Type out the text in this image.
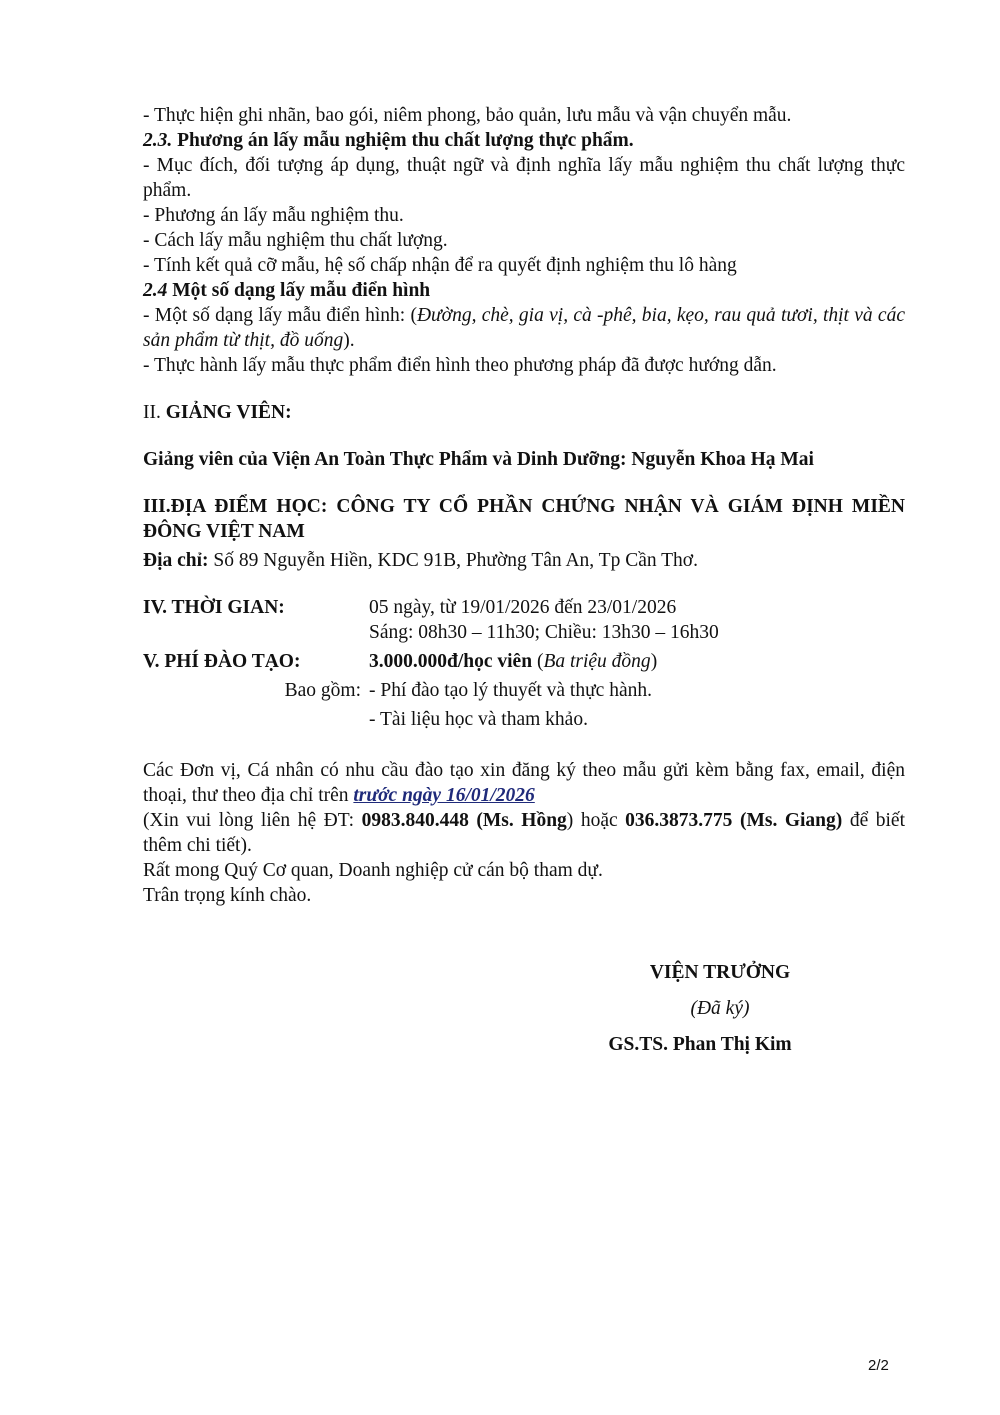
- Thực hiện ghi nhãn, bao gói, niêm phong, bảo quản, lưu mẫu và vận chuyển mẫu.

2.3. Phương án lấy mẫu nghiệm thu chất lượng thực phẩm.

- Mục đích, đối tượng áp dụng, thuật ngữ và định nghĩa lấy mẫu nghiệm thu chất lượng thực phẩm.

- Phương án lấy mẫu nghiệm thu.

- Cách lấy mẫu nghiệm thu chất lượng.

- Tính kết quả cỡ mẫu, hệ số chấp nhận để ra quyết định nghiệm thu lô hàng

2.4 Một số dạng lấy mẫu điển hình

- Một số dạng lấy mẫu điển hình: (Đường, chè, gia vị, cà -phê, bia, kẹo, rau quả tươi, thịt và các sản phẩm từ thịt, đồ uống).

- Thực hành lấy mẫu thực phẩm điển hình theo phương pháp đã được hướng dẫn.

II. GIẢNG VIÊN:

Giảng viên của Viện An Toàn Thực Phẩm và Dinh Dưỡng: Nguyễn Khoa Hạ Mai

III.ĐỊA ĐIỂM HỌC: CÔNG TY CỔ PHẦN CHỨNG NHẬN VÀ GIÁM ĐỊNH MIỀN ĐÔNG VIỆT NAM

Địa chỉ: Số 89 Nguyễn Hiền, KDC 91B, Phường Tân An, Tp Cần Thơ.

IV. THỜI GIAN:	05 ngày, từ 19/01/2026 đến 23/01/2026
Sáng: 08h30 – 11h30; Chiều: 13h30 – 16h30
V. PHÍ ĐÀO TẠO:	3.000.000đ/học viên (Ba triệu đồng)
Bao gồm: - Phí đào tạo lý thuyết và thực hành.
- Tài liệu học và tham khảo.

Các Đơn vị, Cá nhân có nhu cầu đào tạo xin đăng ký theo mẫu gửi kèm bằng fax, email, điện thoại, thư theo địa chỉ trên trước ngày 16/01/2026

(Xin vui lòng liên hệ ĐT: 0983.840.448 (Ms. Hồng) hoặc 036.3873.775 (Ms. Giang) để biết thêm chi tiết).

Rất mong Quý Cơ quan, Doanh nghiệp cử cán bộ tham dự.

Trân trọng kính chào.

VIỆN TRƯỞNG

(Đã ký)

GS.TS. Phan Thị Kim

2/2
